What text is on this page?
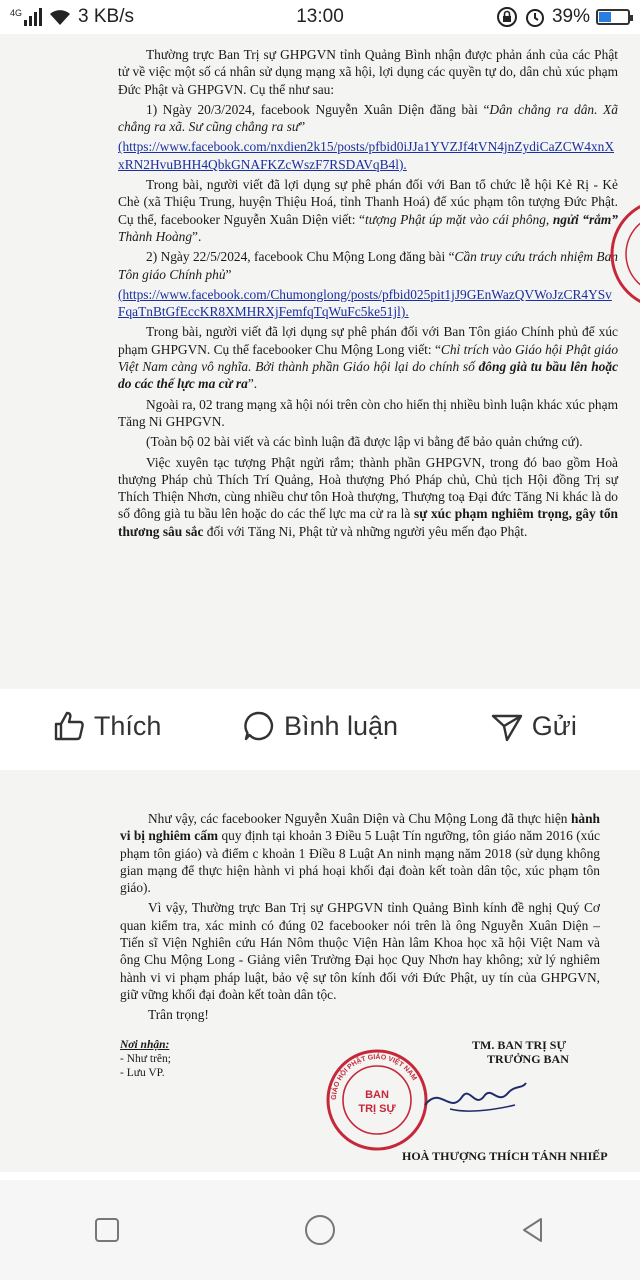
4G	3 KB/s	13:00	39%

Thường trực Ban Trị sự GHPGVN tỉnh Quảng Bình nhận được phản ánh của các Phật tử về việc một số cá nhân sử dụng mạng xã hội, lợi dụng các quyền tự do, dân chủ xúc phạm Đức Phật và GHPGVN. Cụ thể như sau:

1) Ngày 20/3/2024, facebook Nguyễn Xuân Diện đăng bài “Dân chẳng ra dân. Xã chẳng ra xã. Sư cũng chẳng ra sư”

(https://www.facebook.com/nxdien2k15/posts/pfbid0iJJa1YVZJf4tVN4jnZydiCaZCW4xnXxRN2HvuBHH4QbkGNAFKZcWszF7RSDAVqB4l).

Trong bài, người viết đã lợi dụng sự phê phán đối với Ban tổ chức lễ hội Kẻ Rị - Kẻ Chè (xã Thiệu Trung, huyện Thiệu Hoá, tỉnh Thanh Hoá) để xúc phạm tôn tượng Đức Phật. Cụ thể, facebooker Nguyễn Xuân Diện viết: “tượng Phật úp mặt vào cái phông, ngửi “rắm” Thành Hoàng”.

2) Ngày 22/5/2024, facebook Chu Mộng Long đăng bài “Cần truy cứu trách nhiệm Ban Tôn giáo Chính phủ”

(https://www.facebook.com/Chumonglong/posts/pfbid025pit1jJ9GEnWazQVWoJzCR4YSvFqaTnBtGfEccKR8XMHRXjFemfqTqWuFc5ke51jl).

Trong bài, người viết đã lợi dụng sự phê phán đối với Ban Tôn giáo Chính phủ để xúc phạm GHPGVN. Cụ thể facebooker Chu Mộng Long viết: “Chỉ trích vào Giáo hội Phật giáo Việt Nam càng vô nghĩa. Bởi thành phần Giáo hội lại do chính số đông già tu bầu lên hoặc do các thế lực ma cừ ra”.

Ngoài ra, 02 trang mạng xã hội nói trên còn cho hiển thị nhiều bình luận khác xúc phạm Tăng Ni GHPGVN.

(Toàn bộ 02 bài viết và các bình luận đã được lập vi bằng để bảo quản chứng cứ).

Việc xuyên tạc tượng Phật ngửi rắm; thành phần GHPGVN, trong đó bao gồm Hoà thượng Pháp chủ Thích Trí Quảng, Hoà thượng Phó Pháp chủ, Chủ tịch Hội đồng Trị sự Thích Thiện Nhơn, cùng nhiều chư tôn Hoà thượng, Thượng toạ Đại đức Tăng Ni khác là do số đông già tu bầu lên hoặc do các thế lực ma cử ra là sự xúc phạm nghiêm trọng, gây tổn thương sâu sắc đối với Tăng Ni, Phật tử và những người yêu mến đạo Phật.

Thích	Bình luận	Gửi

Như vậy, các facebooker Nguyễn Xuân Diện và Chu Mộng Long đã thực hiện hành vi bị nghiêm cấm quy định tại khoản 3 Điều 5 Luật Tín ngưỡng, tôn giáo năm 2016 (xúc phạm tôn giáo) và điểm c khoản 1 Điều 8 Luật An ninh mạng năm 2018 (sử dụng không gian mạng để thực hiện hành vi phá hoại khối đại đoàn kết toàn dân tộc, xúc phạm tôn giáo).

Vì vậy, Thường trực Ban Trị sự GHPGVN tỉnh Quảng Bình kính đề nghị Quý Cơ quan kiểm tra, xác minh có đúng 02 facebooker nói trên là ông Nguyễn Xuân Diện – Tiến sĩ Viện Nghiên cứu Hán Nôm thuộc Viện Hàn lâm Khoa học xã hội Việt Nam và ông Chu Mộng Long - Giảng viên Trường Đại học Quy Nhơn hay không; xử lý nghiêm hành vi vi phạm pháp luật, bảo vệ sự tôn kính đối với Đức Phật, uy tín của GHPGVN, giữ vững khối đại đoàn kết toàn dân tộc.

Trân trọng!

Nơi nhận:
- Như trên;
- Lưu VP.
GIÁO HỘI PHẬT GIÁO VIỆT NAM
BAN
TRỊ SỰ
TM. BAN TRỊ SỰ
TRƯỞNG BAN
HOÀ THƯỢNG THÍCH TÁNH NHIẾP
